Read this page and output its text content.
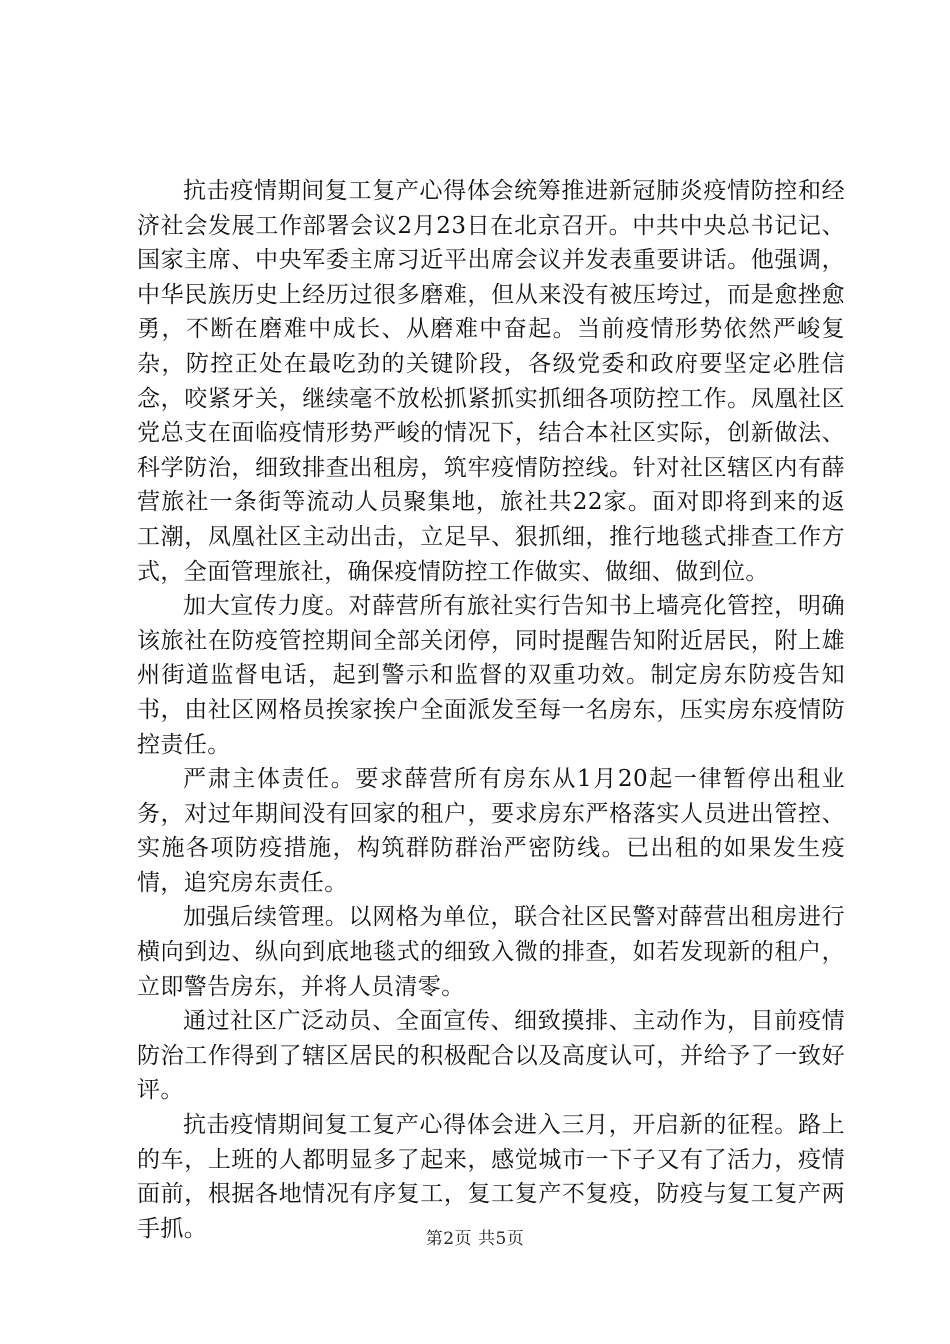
抗击疫情期间复工复产心得体会统筹推进新冠肺炎疫情防控和经济社会发展工作部署会议2月23日在北京召开。中共中央总书记记、国家主席、中央军委主席习近平出席会议并发表重要讲话。他强调，中华民族历史上经历过很多磨难，但从来没有被压垮过，而是愈挫愈勇，不断在磨难中成长、从磨难中奋起。当前疫情形势依然严峻复杂，防控正处在最吃劲的关键阶段，各级党委和政府要坚定必胜信念，咬紧牙关，继续毫不放松抓紧抓实抓细各项防控工作。凤凰社区党总支在面临疫情形势严峻的情况下，结合本社区实际，创新做法、科学防治，细致排查出租房，筑牢疫情防控线。针对社区辖区内有薛营旅社一条街等流动人员聚集地，旅社共22家。面对即将到来的返工潮，凤凰社区主动出击，立足早、狠抓细，推行地毯式排查工作方式，全面管理旅社，确保疫情防控工作做实、做细、做到位。

加大宣传力度。对薛营所有旅社实行告知书上墙亮化管控，明确该旅社在防疫管控期间全部关闭停，同时提醒告知附近居民，附上雄州街道监督电话，起到警示和监督的双重功效。制定房东防疫告知书，由社区网格员挨家挨户全面派发至每一名房东，压实房东疫情防控责任。

严肃主体责任。要求薛营所有房东从1月20起一律暂停出租业务，对过年期间没有回家的租户，要求房东严格落实人员进出管控、实施各项防疫措施，构筑群防群治严密防线。已出租的如果发生疫情，追究房东责任。

加强后续管理。以网格为单位，联合社区民警对薛营出租房进行横向到边、纵向到底地毯式的细致入微的排查，如若发现新的租户，立即警告房东，并将人员清零。

通过社区广泛动员、全面宣传、细致摸排、主动作为，目前疫情防治工作得到了辖区居民的积极配合以及高度认可，并给予了一致好评。

抗击疫情期间复工复产心得体会进入三月，开启新的征程。路上的车，上班的人都明显多了起来，感觉城市一下子又有了活力，疫情面前，根据各地情况有序复工，复工复产不复疫，防疫与复工复产两手抓。	第2页 共5页
